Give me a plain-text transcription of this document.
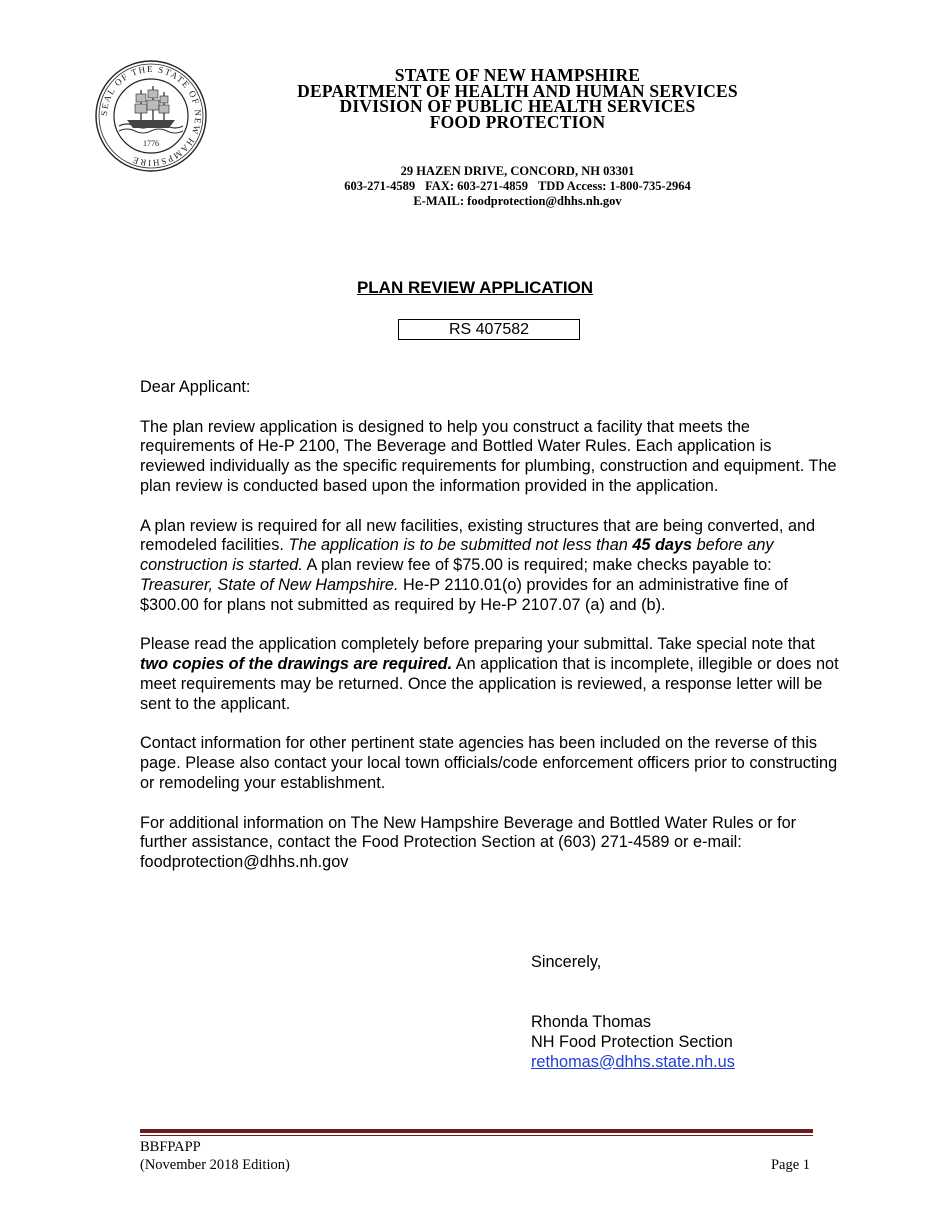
SEAL OF THE STATE OF NEW HAMPSHIRE
1776
STATE OF NEW HAMPSHIRE
DEPARTMENT OF HEALTH AND HUMAN SERVICES
DIVISION OF PUBLIC HEALTH SERVICES
FOOD PROTECTION
29 HAZEN DRIVE, CONCORD, NH 03301
603-271-4589 FAX: 603-271-4859 TDD Access: 1-800-735-2964
E-MAIL: foodprotection@dhhs.nh.gov
PLAN REVIEW APPLICATION
RS 407582

Dear Applicant:

The plan review application is designed to help you construct a facility that meets the requirements of He-P 2100, The Beverage and Bottled Water Rules. Each application is reviewed individually as the specific requirements for plumbing, construction and equipment. The plan review is conducted based upon the information provided in the application.

A plan review is required for all new facilities, existing structures that are being converted, and remodeled facilities. The application is to be submitted not less than 45 days before any construction is started. A plan review fee of $75.00 is required; make checks payable to: Treasurer, State of New Hampshire. He-P 2110.01(o) provides for an administrative fine of $300.00 for plans not submitted as required by He-P 2107.07 (a) and (b).

Please read the application completely before preparing your submittal. Take special note that two copies of the drawings are required. An application that is incomplete, illegible or does not meet requirements may be returned. Once the application is reviewed, a response letter will be sent to the applicant.

Contact information for other pertinent state agencies has been included on the reverse of this page. Please also contact your local town officials/code enforcement officers prior to constructing or remodeling your establishment.

For additional information on The New Hampshire Beverage and Bottled Water Rules or for further assistance, contact the Food Protection Section at (603) 271-4589 or e-mail: foodprotection@dhhs.nh.gov

Sincerely,
Rhonda Thomas
NH Food Protection Section
rethomas@dhhs.state.nh.us
BBFPAPP
(November 2018 Edition)	Page 1
